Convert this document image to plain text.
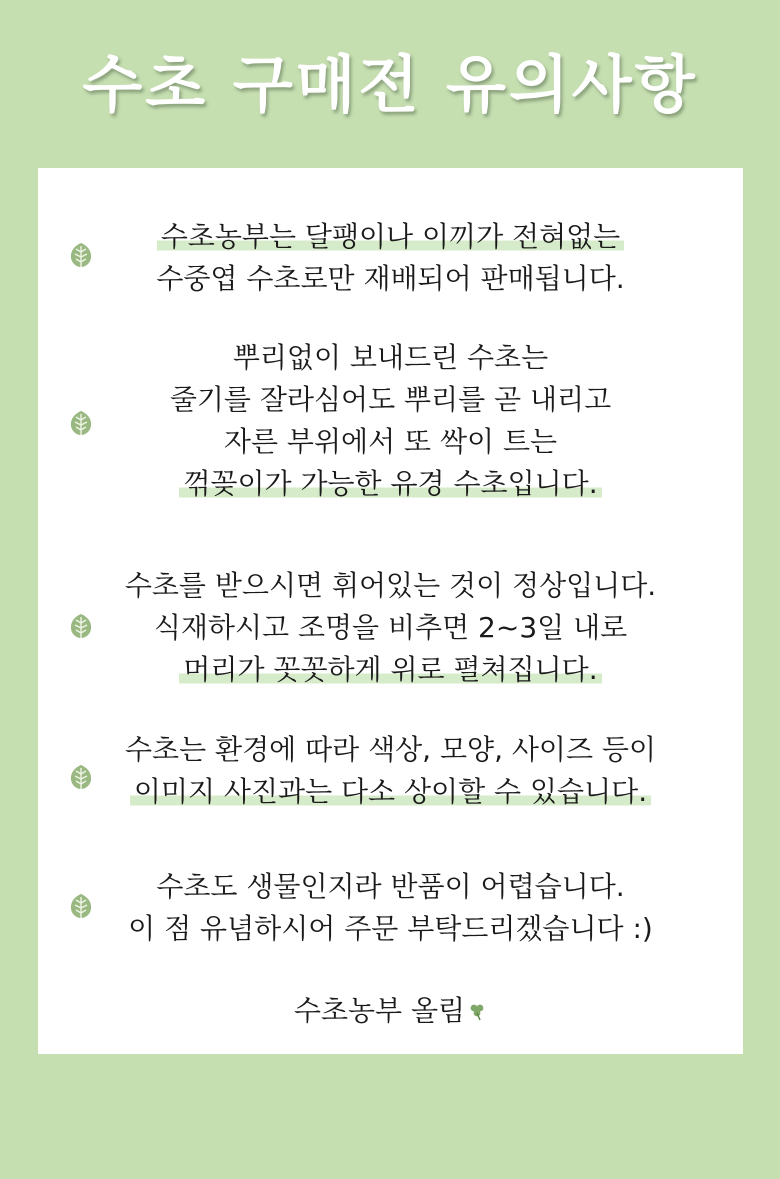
수초 구매전 유의사항
수초농부는 달팽이나 이끼가 전혀없는
수중엽 수초로만 재배되어 판매됩니다.
뿌리없이 보내드린 수초는
줄기를 잘라심어도 뿌리를 곧 내리고
자른 부위에서 또 싹이 트는
꺾꽂이가 가능한 유경 수초입니다.
수초를 받으시면 휘어있는 것이 정상입니다.
식재하시고 조명을 비추면 2~3일 내로
머리가 꼿꼿하게 위로 펼쳐집니다.
수초는 환경에 따라 색상, 모양, 사이즈 등이
이미지 사진과는 다소 상이할 수 있습니다.
수초도 생물인지라 반품이 어렵습니다.
이 점 유념하시어 주문 부탁드리겠습니다 :)
수초농부 올림
